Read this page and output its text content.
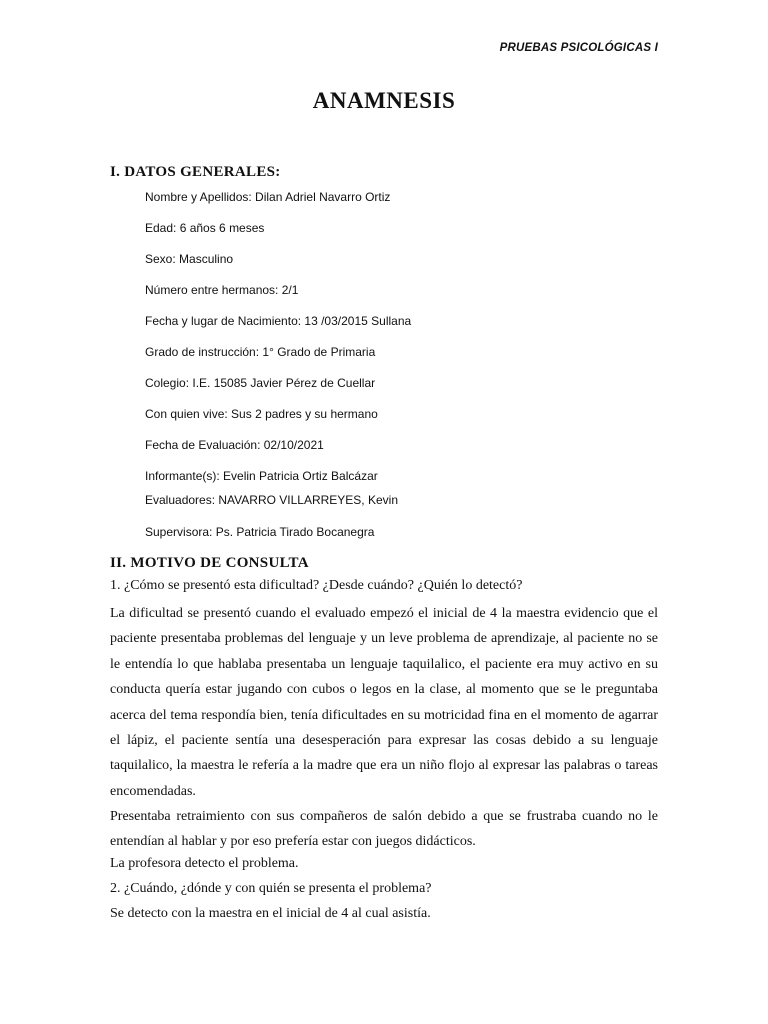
PRUEBAS PSICOLÓGICAS I
ANAMNESIS
I. DATOS GENERALES:
Nombre y Apellidos: Dilan Adriel Navarro Ortiz
Edad: 6 años 6 meses
Sexo: Masculino
Número entre hermanos: 2/1
Fecha y lugar de Nacimiento: 13 /03/2015 Sullana
Grado de instrucción: 1° Grado de Primaria
Colegio: I.E. 15085 Javier Pérez de Cuellar
Con quien vive: Sus 2 padres y su hermano
Fecha de Evaluación: 02/10/2021
Informante(s): Evelin Patricia Ortiz Balcázar
Evaluadores: NAVARRO VILLARREYES, Kevin
Supervisora: Ps. Patricia Tirado Bocanegra
II. MOTIVO DE CONSULTA
1. ¿Cómo se presentó esta dificultad? ¿Desde cuándo? ¿Quién lo detectó?
La dificultad se presentó cuando el evaluado empezó el inicial de 4 la maestra evidencio que el paciente presentaba problemas del lenguaje y un leve problema de aprendizaje, al paciente no se le entendía lo que hablaba presentaba un lenguaje taquilalico, el paciente era muy activo en su conducta quería estar jugando con cubos o legos en la clase, al momento que se le preguntaba acerca del tema respondía bien, tenía dificultades en su motricidad fina en el momento de agarrar el lápiz, el paciente sentía una desesperación para expresar las cosas debido a su lenguaje taquilalico, la maestra le refería a la madre que era un niño flojo al expresar las palabras o tareas encomendadas.
Presentaba retraimiento con sus compañeros de salón debido a que se frustraba cuando no le entendían al hablar y por eso prefería estar con juegos didácticos.
La profesora detecto el problema.
2. ¿Cuándo, ¿dónde y con quién se presenta el problema?
Se detecto con la maestra en el inicial de 4 al cual asistía.
